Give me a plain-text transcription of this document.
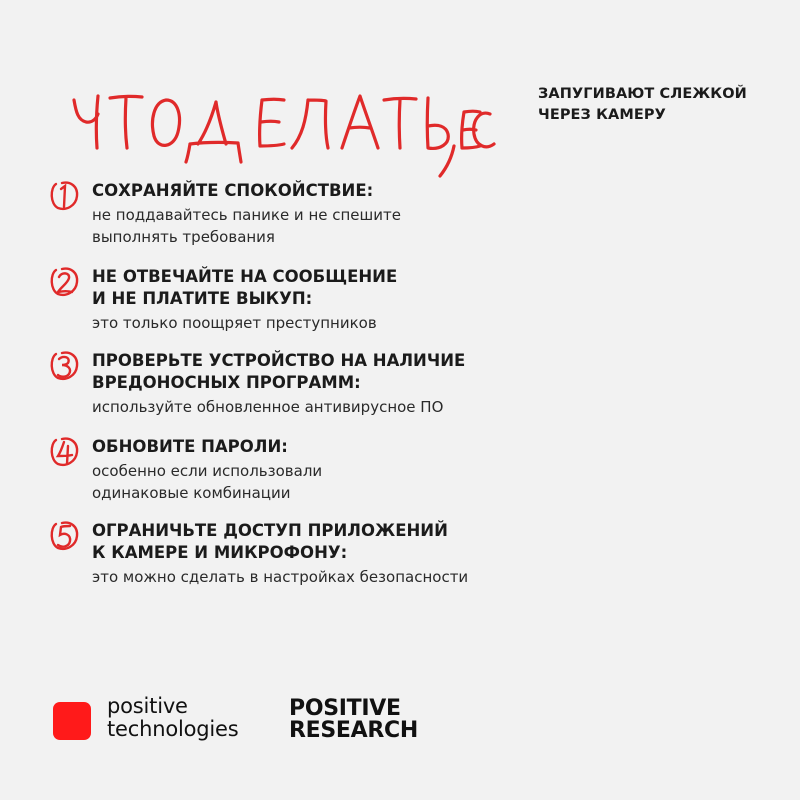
ЗАПУГИВАЮТ СЛЕЖКОЙ
ЧЕРЕЗ КАМЕРУ
СОХРАНЯЙТЕ СПОКОЙСТВИЕ:
не поддавайтесь панике и не спешите
выполнять требования
НЕ ОТВЕЧАЙТЕ НА СООБЩЕНИЕ
И НЕ ПЛАТИТЕ ВЫКУП:
это только поощряет преступников
ПРОВЕРЬТЕ УСТРОЙСТВО НА НАЛИЧИЕ
ВРЕДОНОСНЫХ ПРОГРАММ:
используйте обновленное антивирусное ПО
ОБНОВИТЕ ПАРОЛИ:
особенно если использовали
одинаковые комбинации
ОГРАНИЧЬТЕ ДОСТУП ПРИЛОЖЕНИЙ
К КАМЕРЕ И МИКРОФОНУ:
это можно сделать в настройках безопасности
positive
technologies
POSITIVE
RESEARCH
